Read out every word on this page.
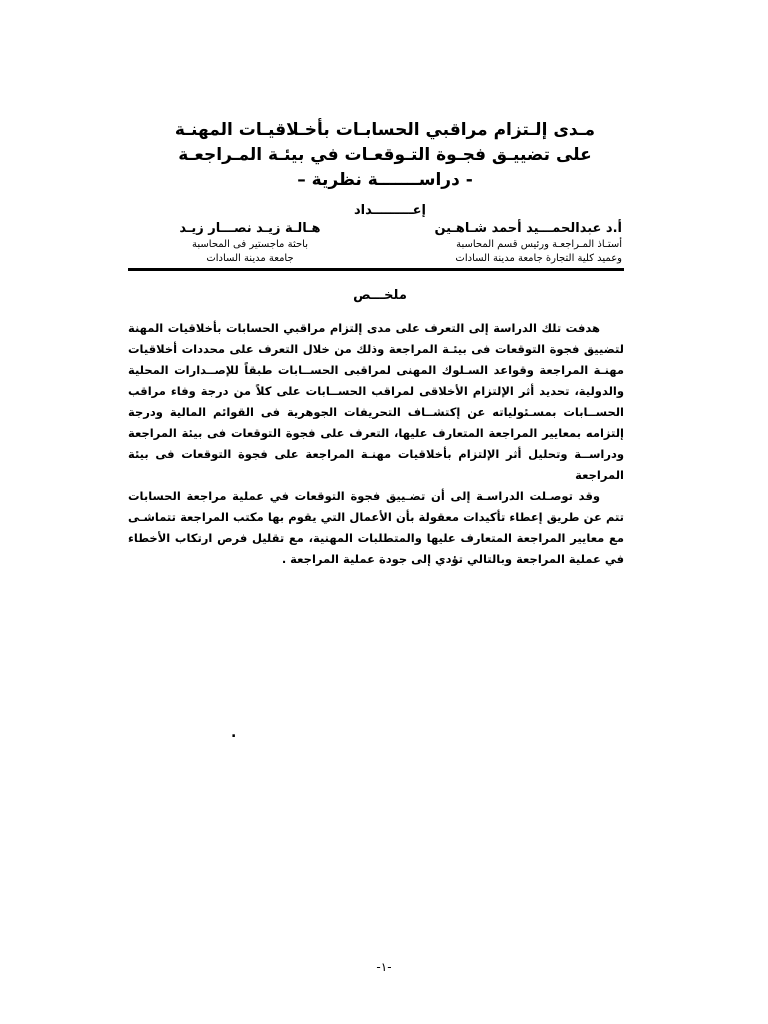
مـدى إلـتزام مراقبي الحسابـات بأخـلاقيـات المهنـة
على تضييـق فجـوة التـوقعـات في بيئـة المـراجعـة
- دراســـــــة نظرية –
إعـــــــــداد
أ.د عبدالحمـــيد أحمد شـاهـين
أستـاذ المـراجعـة ورئيس قسم المحاسبة
وعميد كلية التجارة جامعة مدينة السادات
هـالـة زيـد نصـــار زيـد
باحثة ماجستير فى المحاسبة
جامعة مدينة السادات
ملخـــص

هدفت تلك الدراسة إلى التعرف على مدى إلتزام مراقبي الحسابات بأخلاقيات المهنة لتضييق فجوة التوقعات فى بيئـة المراجعة وذلك من خلال التعرف على محددات أخلاقيات مهنـة المراجعة وقواعد السـلوك المهنى لمراقبى الحســابات طبقاً للإصــدارات المحلية والدولية، تحديد أثر الإلتزام الأخلاقى لمراقب الحســابات على كلاً من درجة وفاء مراقب الحســابات بمسـئولياته عن إكتشــاف التحريفات الجوهرية فى القوائم المالية ودرجة إلتزامه بمعايير المراجعة المتعارف عليها، التعرف على فجوة التوقعات فى بيئة المراجعة ودراســة وتحليل أثر الإلتزام بأخلاقيات مهنـة المراجعة على فجوة التوقعات فى بيئة المراجعة

وقد توصـلت الدراسـة إلى أن تضـييق فجوة التوقعات في عملية مراجعة الحسابات تتم عن طريق إعطاء تأكيدات معقولة بأن الأعمال التي يقوم بها مكتب المراجعة تتماشـى مع معايير المراجعة المتعارف عليها والمتطلبات المهنية، مع تقليل فرص ارتكاب الأخطاء في عملية المراجعة وبالتالي تؤدي إلى جودة عملية المراجعة .

.
-١-
